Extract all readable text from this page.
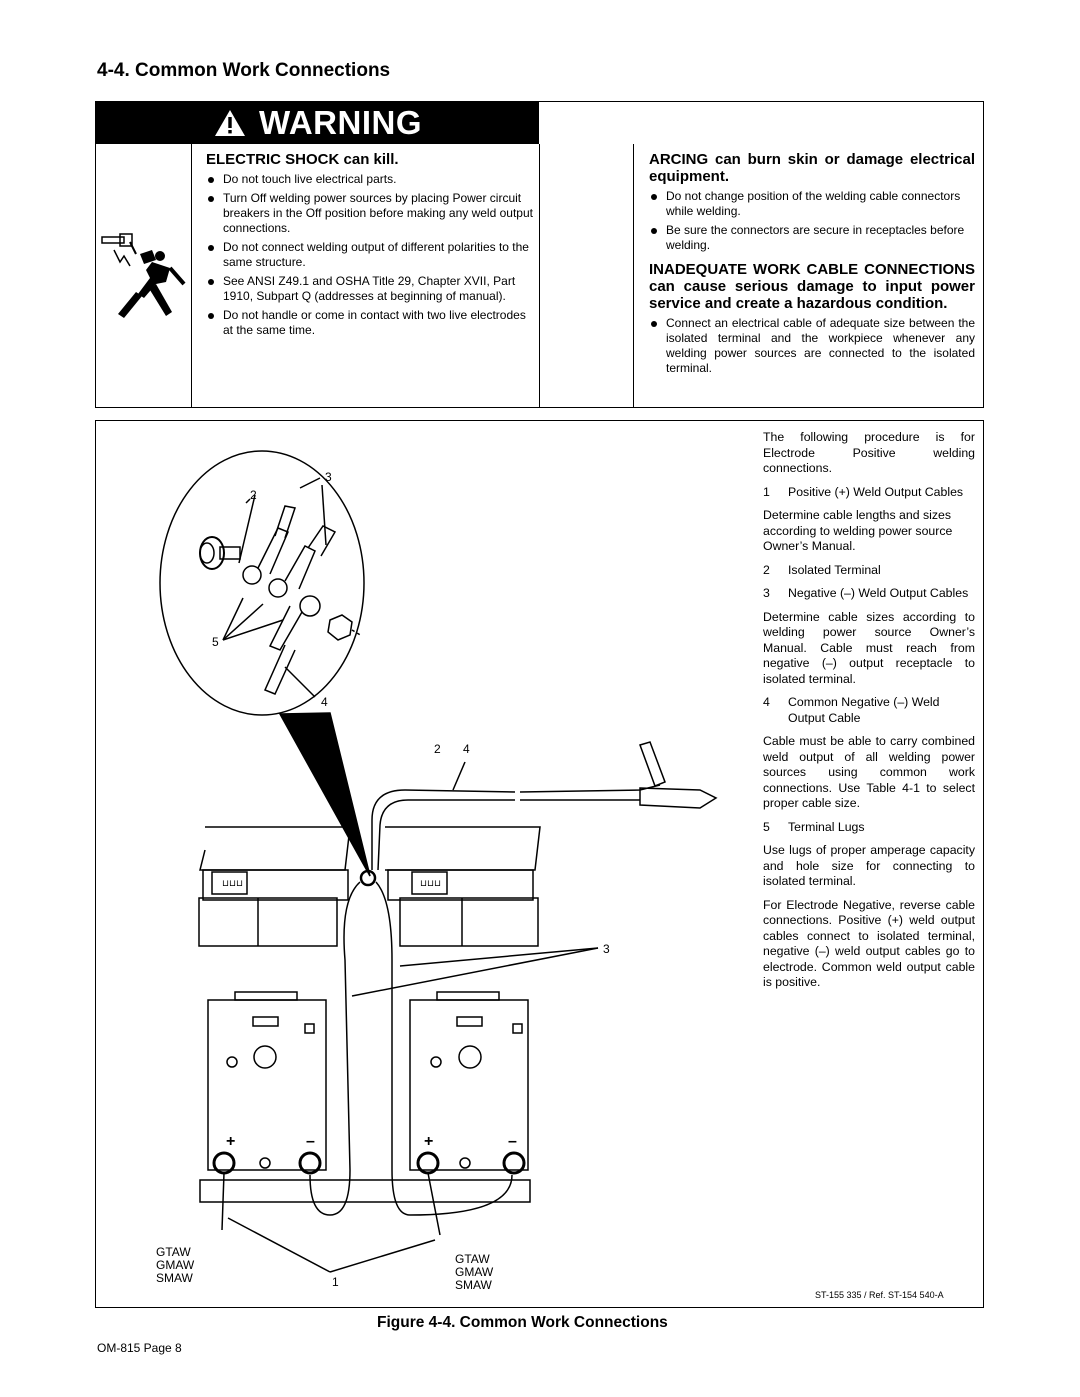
4-4. Common Work Connections
WARNING
ELECTRIC SHOCK can kill.
Do not touch live electrical parts.
Turn Off welding power sources by placing Power circuit breakers in the Off position before making any weld output connections.
Do not connect welding output of different polarities to the same structure.
See ANSI Z49.1 and OSHA Title 29, Chapter XVII, Part 1910, Subpart Q (addresses at beginning of manual).
Do not handle or come in contact with two live electrodes at the same time.
ARCING can burn skin or damage electrical equipment.
Do not change position of the welding cable connectors while welding.
Be sure the connectors are secure in receptacles before welding.
INADEQUATE WORK CABLE CONNECTIONS can cause serious damage to input power service and create a hazardous condition.
Connect an electrical cable of adequate size between the isolated terminal and the workpiece whenever any welding power sources are connected to the isolated terminal.
⊔⊔⊔	⊔⊔⊔
+	–	+	–
3
2
5
4
2 4
3
1
GTAW
GMAW
SMAW
GTAW
GMAW
SMAW

The following procedure is for Electrode Positive welding connections.

1	Positive (+) Weld Output Cables

Determine cable lengths and sizes according to welding power source Owner’s Manual.

2	Isolated Terminal
3	Negative (–) Weld Output Cables

Determine cable sizes according to welding power source Owner’s Manual. Cable must reach from negative (–) output receptacle to isolated terminal.

4	Common Negative (–) Weld Output Cable

Cable must be able to carry combined weld output of all welding power sources using common work connections. Use Table 4-1 to select proper cable size.

5	Terminal Lugs

Use lugs of proper amperage capacity and hole size for connecting to isolated terminal.

For Electrode Negative, reverse cable connections. Positive (+) weld output cables connect to isolated terminal, negative (–) weld output cables go to electrode. Common weld output cable is positive.

ST-155 335 / Ref. ST-154 540-A
Figure 4-4. Common Work Connections
OM-815 Page 8
